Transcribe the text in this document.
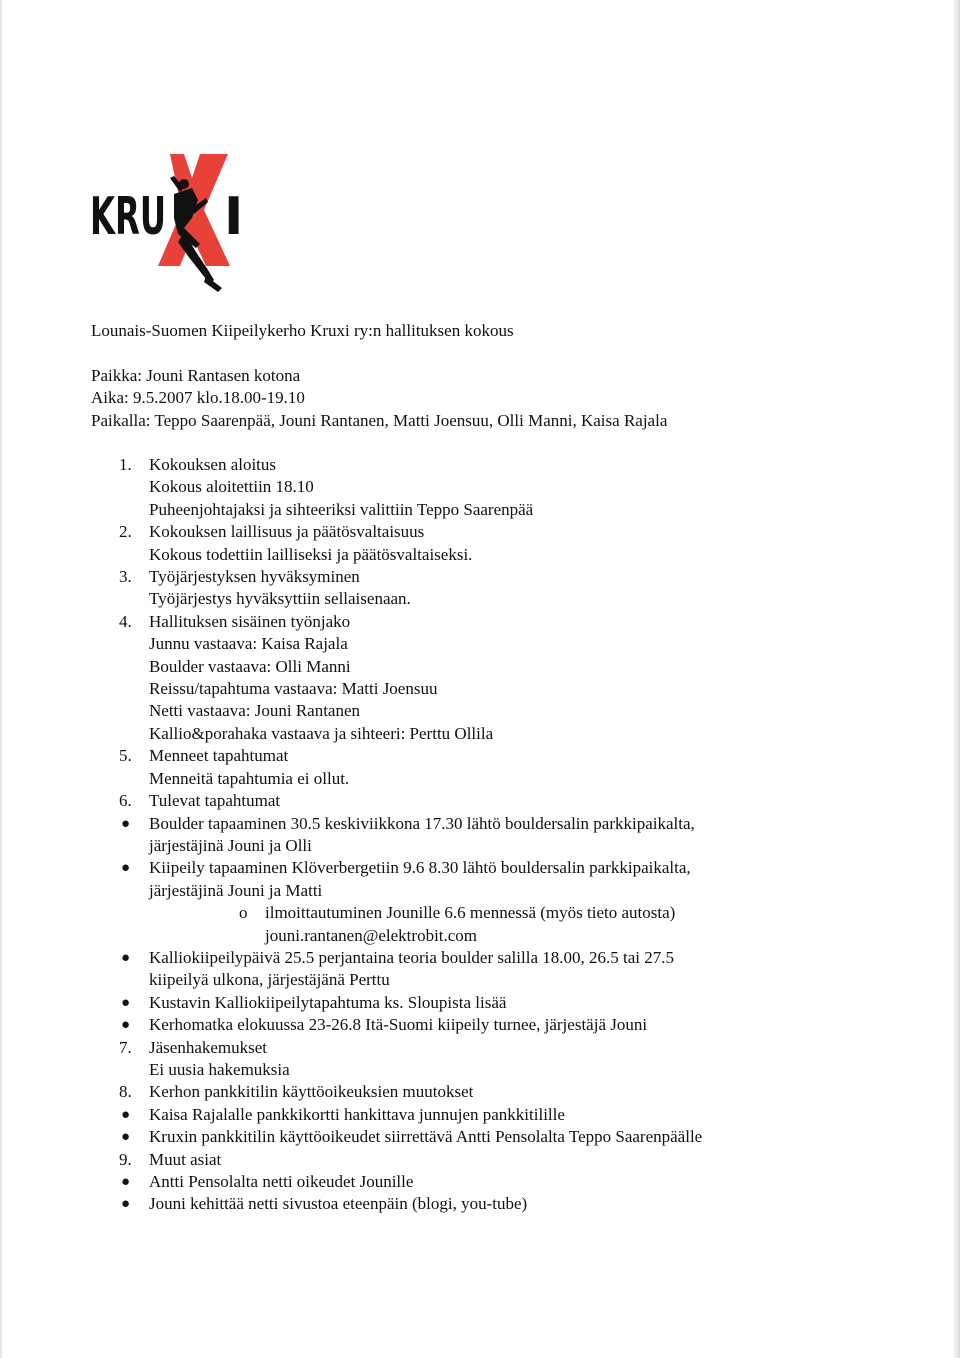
KRU I
Lounais-Suomen Kiipeilykerho Kruxi ry:n hallituksen kokous
Paikka: Jouni Rantasen kotona
Aika: 9.5.2007 klo.18.00-19.10
Paikalla: Teppo Saarenpää, Jouni Rantanen, Matti Joensuu, Olli Manni, Kaisa Rajala
1. Kokouksen aloitus
Kokous aloitettiin 18.10
Puheenjohtajaksi ja sihteeriksi valittiin Teppo Saarenpää
2. Kokouksen laillisuus ja päätösvaltaisuus
Kokous todettiin lailliseksi ja päätösvaltaiseksi.
3. Työjärjestyksen hyväksyminen
Työjärjestys hyväksyttiin sellaisenaan.
4. Hallituksen sisäinen työnjako
Junnu vastaava: Kaisa Rajala
Boulder vastaava: Olli Manni
Reissu/tapahtuma vastaava: Matti Joensuu
Netti vastaava: Jouni Rantanen
Kallio&porahaka vastaava ja sihteeri: Perttu Ollila
5. Menneet tapahtumat
Menneitä tapahtumia ei ollut.
6. Tulevat tapahtumat
● Boulder tapaaminen 30.5 keskiviikkona 17.30 lähtö bouldersalin parkkipaikalta,
järjestäjinä Jouni ja Olli
● Kiipeily tapaaminen Klöverbergetiin 9.6 8.30 lähtö bouldersalin parkkipaikalta,
järjestäjinä Jouni ja Matti
o ilmoittautuminen Jounille 6.6 mennessä (myös tieto autosta)
jouni.rantanen@elektrobit.com
● Kalliokiipeilypäivä 25.5 perjantaina teoria boulder salilla 18.00, 26.5 tai 27.5
kiipeilyä ulkona, järjestäjänä Perttu
● Kustavin Kalliokiipeilytapahtuma ks. Sloupista lisää
● Kerhomatka elokuussa 23-26.8 Itä-Suomi kiipeily turnee, järjestäjä Jouni
7. Jäsenhakemukset
Ei uusia hakemuksia
8. Kerhon pankkitilin käyttöoikeuksien muutokset
● Kaisa Rajalalle pankkikortti hankittava junnujen pankkitilille
● Kruxin pankkitilin käyttöoikeudet siirrettävä Antti Pensolalta Teppo Saarenpäälle
9. Muut asiat
● Antti Pensolalta netti oikeudet Jounille
● Jouni kehittää netti sivustoa eteenpäin (blogi, you-tube)
